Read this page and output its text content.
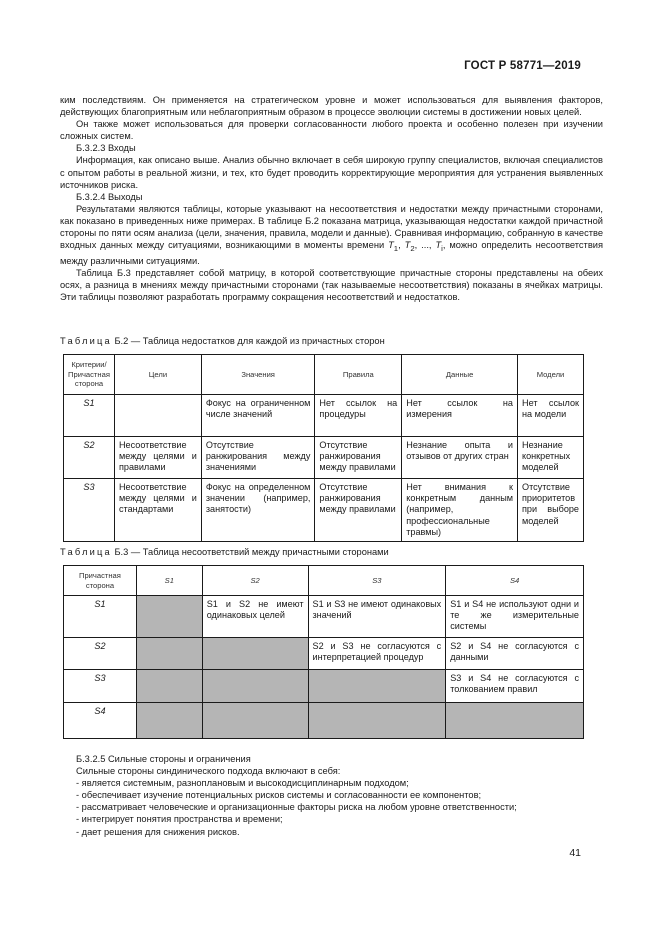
ГОСТ Р 58771—2019

ким последствиям. Он применяется на стратегическом уровне и может использоваться для выявления факторов, действующих благоприятным или неблагоприятным образом в процессе эволюции системы в достижении новых целей.

Он также может использоваться для проверки согласованности любого проекта и особенно полезен при изучении сложных систем.

Б.3.2.3 Входы

Информация, как описано выше. Анализ обычно включает в себя широкую группу специалистов, включая специалистов с опытом работы в реальной жизни, и тех, кто будет проводить корректирующие мероприятия для устранения выявленных источников риска.

Б.3.2.4 Выходы

Результатами являются таблицы, которые указывают на несоответствия и недостатки между причастными сторонами, как показано в приведенных ниже примерах. В таблице Б.2 показана матрица, указывающая недостатки каждой причастной стороны по пяти осям анализа (цели, значения, правила, модели и данные). Сравнивая информацию, собранную в качестве входных данных между ситуациями, возникающими в моменты времени $T_1$, $T_2$, ..., $T_i$, можно определить несоответствия между различными ситуациями.

Таблица Б.3 представляет собой матрицу, в которой соответствующие причастные стороны представлены на обеих осях, а разница в мнениях между причастными сторонами (так называемые несоответствия) показаны в ячейках матрицы. Эти таблицы позволяют разработать программу сокращения несоответствий и недостатков.

Таблица Б.2 — Таблица недостатков для каждой из причастных сторон
Критерии/ Причастная сторона	Цели	Значения	Правила	Данные	Модели
S1		Фокус на ограниченном числе значений	Нет ссылок на процедуры	Нет ссылок на измерения	Нет ссылок на модели
S2	Несоответствие между целями и правилами	Отсутствие ранжирования между значениями	Отсутствие ранжирования между правилами	Незнание опыта и отзывов от других стран	Незнание конкретных моделей
S3	Несоответствие между целями и стандартами	Фокус на определенном значении (например, занятости)	Отсутствие ранжирования между правилами	Нет внимания к конкретным данным (например, профессиональные травмы)	Отсутствие приоритетов при выборе моделей
Таблица Б.3 — Таблица несоответствий между причастными сторонами
Причастная сторона	S1	S2	S3	S4
S1		S1 и S2 не имеют одинаковых целей	S1 и S3 не имеют одинаковых значений	S1 и S4 не используют одни и те же измерительные системы
S2			S2 и S3 не согласуются с интерпретацией процедур	S2 и S4 не согласуются с данными
S3				S3 и S4 не согласуются с толкованием правил
S4				

Б.3.2.5 Сильные стороны и ограничения

Сильные стороны синдинического подхода включают в себя:

- является системным, разноплановым и высокодисциплинарным подходом;

- обеспечивает изучение потенциальных рисков системы и согласованности ее компонентов;

- рассматривает человеческие и организационные факторы риска на любом уровне ответственности;

- интегрирует понятия пространства и времени;

- дает решения для снижения рисков.

41
